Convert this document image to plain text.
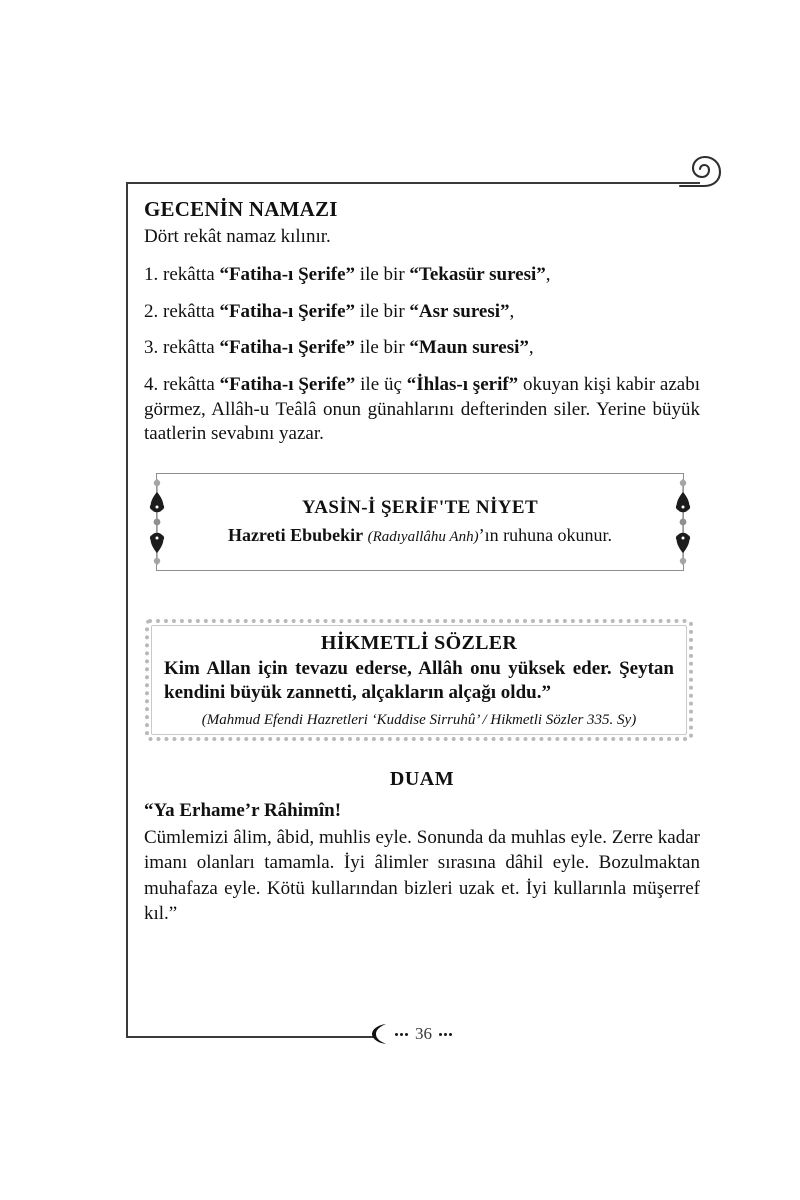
GECENİN NAMAZI

Dört rekât namaz kılınır.

1. rekâtta “Fatiha-ı Şerife” ile bir “Tekasür suresi”,

2. rekâtta “Fatiha-ı Şerife” ile bir “Asr suresi”,

3. rekâtta “Fatiha-ı Şerife” ile bir “Maun suresi”,

4. rekâtta “Fatiha-ı Şerife” ile üç “İhlas-ı şerif” okuyan kişi kabir azabı görmez, Allâh-u Teâlâ onun günahlarını defterinden siler. Yerine büyük taatlerin sevabını yazar.

YASİN-İ ŞERİF'TE NİYET
Hazreti Ebubekir (Radıyallâhu Anh)’ın ruhuna okunur.
HİKMETLİ SÖZLER

Kim Allan için tevazu ederse, Allâh onu yüksek eder. Şeytan kendini büyük zannetti, alçakların alçağı oldu.”

(Mahmud Efendi Hazretleri ‘Kuddise Sirruhû’ / Hikmetli Sözler 335. Sy)
DUAM

“Ya Erhame’r Râhimîn!

Cümlemizi âlim, âbid, muhlis eyle. Sonunda da muhlas eyle. Zerre kadar imanı olanları tamamla. İyi âlimler sırasına dâhil eyle. Bozulmaktan muhafaza eyle. Kötü kullarından bizleri uzak et. İyi kullarınla müşerref kıl.”

36
